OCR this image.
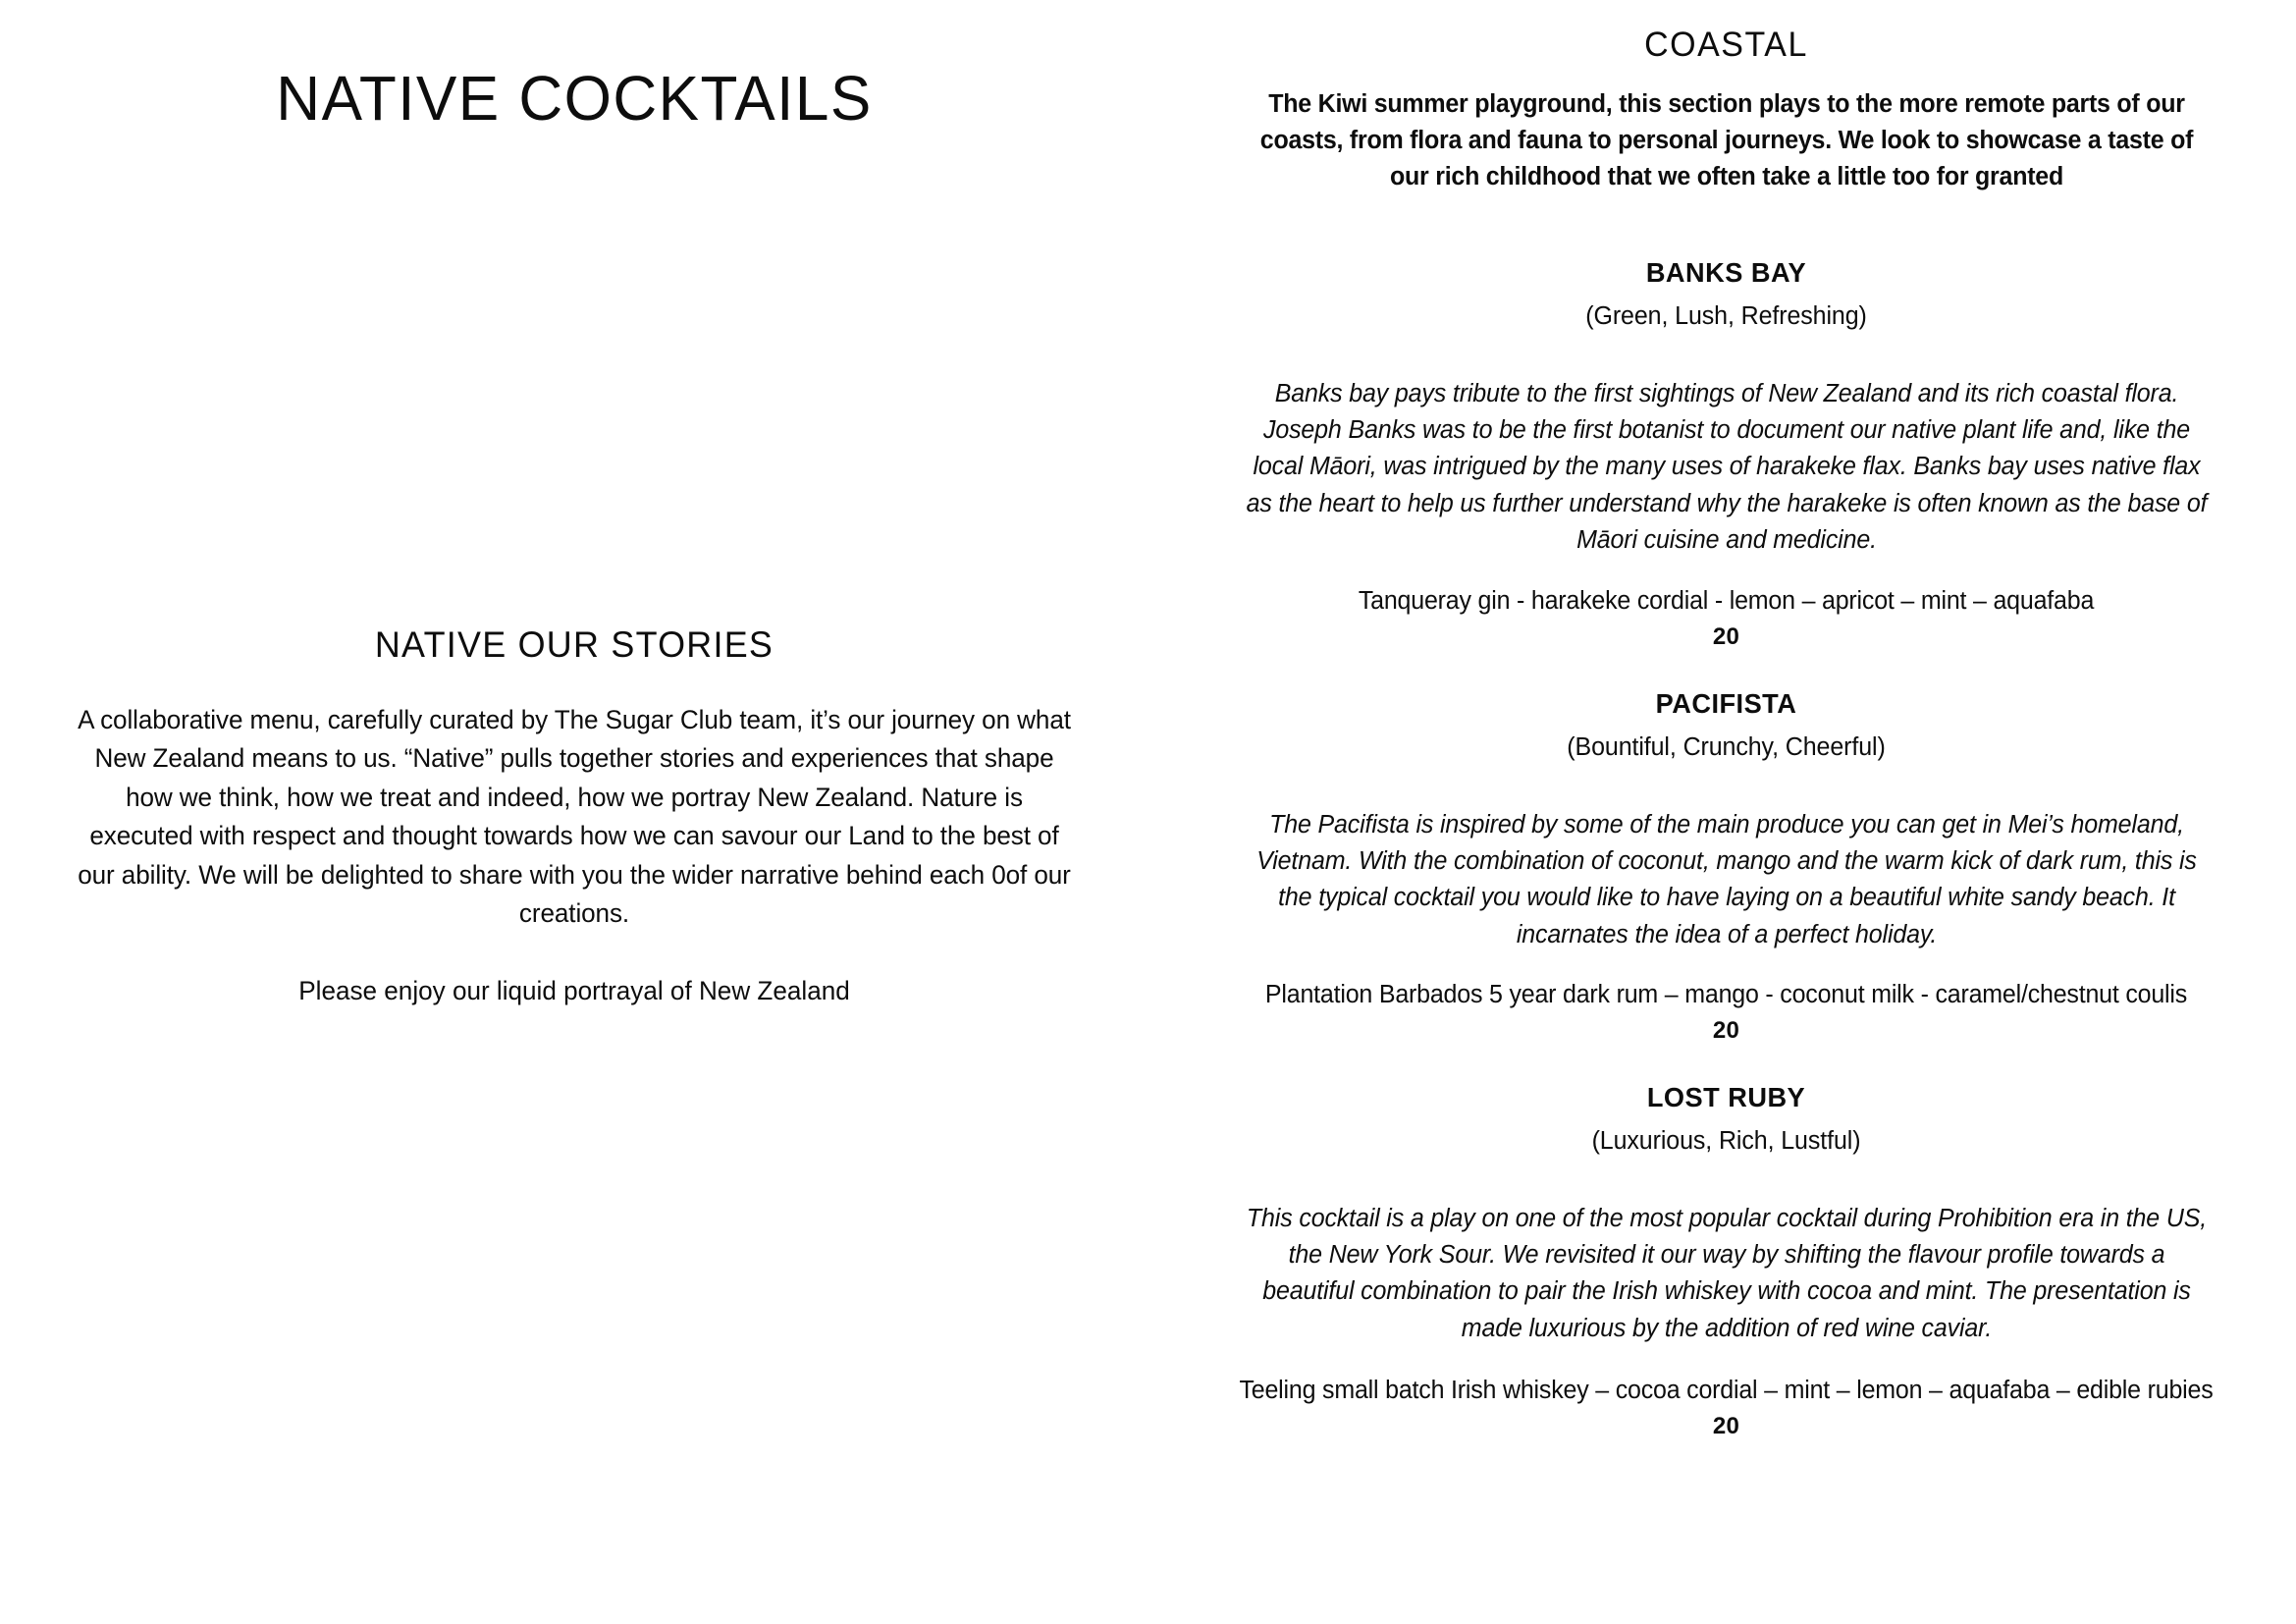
NATIVE COCKTAILS
NATIVE OUR STORIES

A collaborative menu, carefully curated by The Sugar Club team, it’s our journey on what New Zealand means to us. “Native” pulls together stories and experiences that shape how we think, how we treat and indeed, how we portray New Zealand. Nature is executed with respect and thought towards how we can savour our Land to the best of our ability. We will be delighted to share with you the wider narrative behind each 0of our creations.

Please enjoy our liquid portrayal of New Zealand

COASTAL

The Kiwi summer playground, this section plays to the more remote parts of our coasts, from flora and fauna to personal journeys. We look to showcase a taste of our rich childhood that we often take a little too for granted

BANKS BAY

(Green, Lush, Refreshing)

Banks bay pays tribute to the first sightings of New Zealand and its rich coastal flora. Joseph Banks was to be the first botanist to document our native plant life and, like the local Māori, was intrigued by the many uses of harakeke flax. Banks bay uses native flax as the heart to help us further understand why the harakeke is often known as the base of Māori cuisine and medicine.

Tanqueray gin - harakeke cordial - lemon – apricot – mint – aquafaba

20

PACIFISTA

(Bountiful, Crunchy, Cheerful)

The Pacifista is inspired by some of the main produce you can get in Mei’s homeland, Vietnam. With the combination of coconut, mango and the warm kick of dark rum, this is the typical cocktail you would like to have laying on a beautiful white sandy beach. It incarnates the idea of a perfect holiday.

Plantation Barbados 5 year dark rum – mango - coconut milk - caramel/chestnut coulis

20

LOST RUBY

(Luxurious, Rich, Lustful)

This cocktail is a play on one of the most popular cocktail during Prohibition era in the US, the New York Sour. We revisited it our way by shifting the flavour profile towards a beautiful combination to pair the Irish whiskey with cocoa and mint. The presentation is made luxurious by the addition of red wine caviar.

Teeling small batch Irish whiskey – cocoa cordial – mint – lemon – aquafaba – edible rubies

20
